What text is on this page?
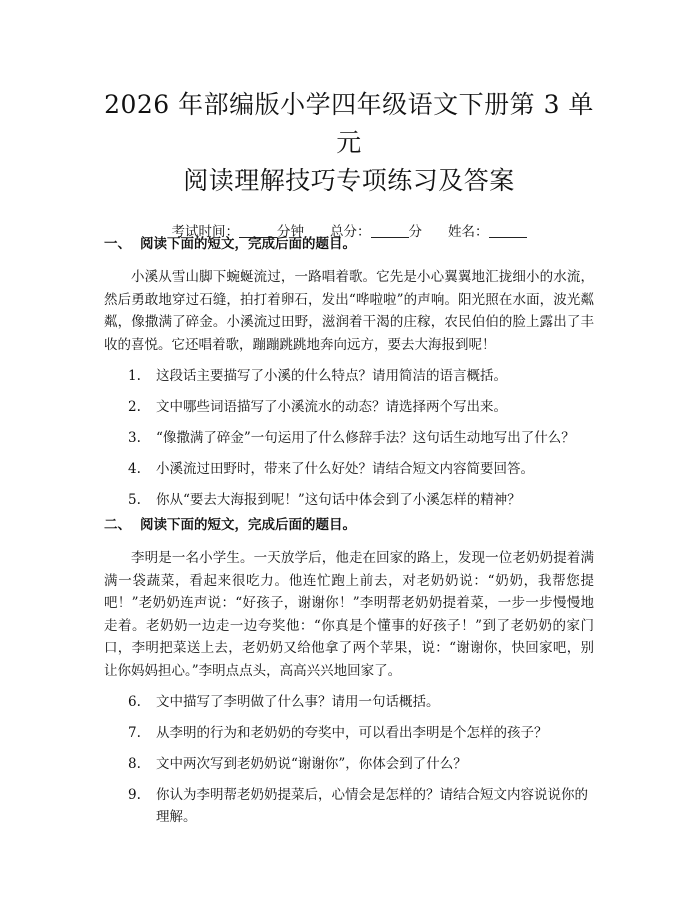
2026 年部编版小学四年级语文下册第 3 单元
阅读理解技巧专项练习及答案
考试时间：	分钟 总分：	分 姓名：

一、 阅读下面的短文，完成后面的题目。

小溪从雪山脚下蜿蜒流过，一路唱着歌。它先是小心翼翼地汇拢细小的水流，然后勇敢地穿过石缝，拍打着卵石，发出“哗啦啦”的声响。阳光照在水面，波光粼粼，像撒满了碎金。小溪流过田野，滋润着干渴的庄稼，农民伯伯的脸上露出了丰收的喜悦。它还唱着歌，蹦蹦跳跳地奔向远方，要去大海报到呢！

1. 这段话主要描写了小溪的什么特点？请用简洁的语言概括。
2. 文中哪些词语描写了小溪流水的动态？请选择两个写出来。
3. “像撒满了碎金”一句运用了什么修辞手法？这句话生动地写出了什么？
4. 小溪流过田野时，带来了什么好处？请结合短文内容简要回答。
5. 你从“要去大海报到呢！”这句话中体会到了小溪怎样的精神？

二、 阅读下面的短文，完成后面的题目。

李明是一名小学生。一天放学后，他走在回家的路上，发现一位老奶奶提着满满一袋蔬菜，看起来很吃力。他连忙跑上前去，对老奶奶说：“奶奶，我帮您提吧！”老奶奶连声说：“好孩子，谢谢你！”李明帮老奶奶提着菜，一步一步慢慢地走着。老奶奶一边走一边夸奖他：“你真是个懂事的好孩子！”到了老奶奶的家门口，李明把菜送上去，老奶奶又给他拿了两个苹果，说：“谢谢你，快回家吧，别让你妈妈担心。”李明点点头，高高兴兴地回家了。

6. 文中描写了李明做了什么事？请用一句话概括。
7. 从李明的行为和老奶奶的夸奖中，可以看出李明是个怎样的孩子？
8. 文中两次写到老奶奶说“谢谢你”，你体会到了什么？
9. 你认为李明帮老奶奶提菜后，心情会是怎样的？请结合短文内容说说你的理解。
